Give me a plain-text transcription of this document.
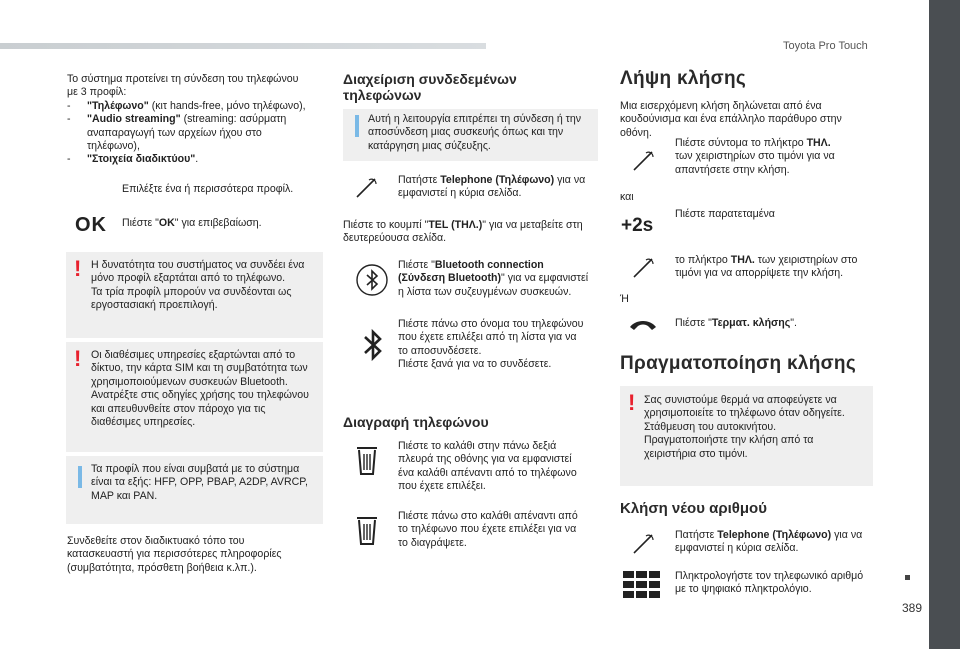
Toyota Pro Touch
389
Το σύστημα προτείνει τη σύνδεση του τηλεφώνου
με 3 προφίλ:
- "Τηλέφωνο" (κιτ hands-free, μόνο τηλέφωνο),
- "Audio streaming" (streaming: ασύρματη
αναπαραγωγή των αρχείων ήχου στο τηλέφωνο),
- "Στοιχεία διαδικτύου".
Επιλέξτε ένα ή περισσότερα προφίλ.
OK Πιέστε "OK" για επιβεβαίωση.
! Η δυνατότητα του συστήματος να συνδέει ένα
μόνο προφίλ εξαρτάται από το τηλέφωνο.
Τα τρία προφίλ μπορούν να συνδέονται ως
εργοστασιακή προεπιλογή.
! Οι διαθέσιμες υπηρεσίες εξαρτώνται από το
δίκτυο, την κάρτα SIM και τη συμβατότητα των
χρησιμοποιούμενων συσκευών Bluetooth.
Ανατρέξτε στις οδηγίες χρήσης του τηλεφώνου
και απευθυνθείτε στον πάροχο για τις
διαθέσιμες υπηρεσίες.
Τα προφίλ που είναι συμβατά με το σύστημα
είναι τα εξής: HFP, OPP, PBAP, A2DP, AVRCP,
MAP και PAN.
Συνδεθείτε στον διαδικτυακό τόπο του
κατασκευαστή για περισσότερες πληροφορίες
(συμβατότητα, πρόσθετη βοήθεια κ.λπ.).
Διαχείριση συνδεδεμένων
τηλεφώνων
Αυτή η λειτουργία επιτρέπει τη σύνδεση ή την
αποσύνδεση μιας συσκευής όπως και την
κατάργηση μιας σύζευξης.
Πατήστε Telephone (Τηλέφωνο) για να
εμφανιστεί η κύρια σελίδα.
Πιέστε το κουμπί "TEL (ΤΗΛ.)" για να μεταβείτε στη
δευτερεύουσα σελίδα.
Πιέστε "Bluetooth connection
(Σύνδεση Bluetooth)" για να εμφανιστεί
η λίστα των συζευγμένων συσκευών.
Πιέστε πάνω στο όνομα του τηλεφώνου
που έχετε επιλέξει από τη λίστα για να
το αποσυνδέσετε.
Πιέστε ξανά για να το συνδέσετε.
Διαγραφή τηλεφώνου
Πιέστε το καλάθι στην πάνω δεξιά
πλευρά της οθόνης για να εμφανιστεί
ένα καλάθι απέναντι από το τηλέφωνο
που έχετε επιλέξει.
Πιέστε πάνω στο καλάθι απέναντι από
το τηλέφωνο που έχετε επιλέξει για να
το διαγράψετε.
Λήψη κλήσης
Μια εισερχόμενη κλήση δηλώνεται από ένα
κουδούνισμα και ένα επάλληλο παράθυρο στην
οθόνη.
Πιέστε σύντομα το πλήκτρο ΤΗΛ.
των χειριστηρίων στο τιμόνι για να
απαντήσετε στην κλήση.
και
+2s
Πιέστε παρατεταμένα
το πλήκτρο ΤΗΛ. των χειριστηρίων στο
τιμόνι για να απορρίψετε την κλήση.
Ή
Πιέστε "Τερματ. κλήσης".
Πραγματοποίηση κλήσης
! Σας συνιστούμε θερμά να αποφεύγετε να
χρησιμοποιείτε το τηλέφωνο όταν οδηγείτε.
Στάθμευση του αυτοκινήτου.
Πραγματοποιήστε την κλήση από τα
χειριστήρια στο τιμόνι.
Κλήση νέου αριθμού
Πατήστε Telephone (Τηλέφωνο) για να
εμφανιστεί η κύρια σελίδα.
Πληκτρολογήστε τον τηλεφωνικό αριθμό
με το ψηφιακό πληκτρολόγιο.
